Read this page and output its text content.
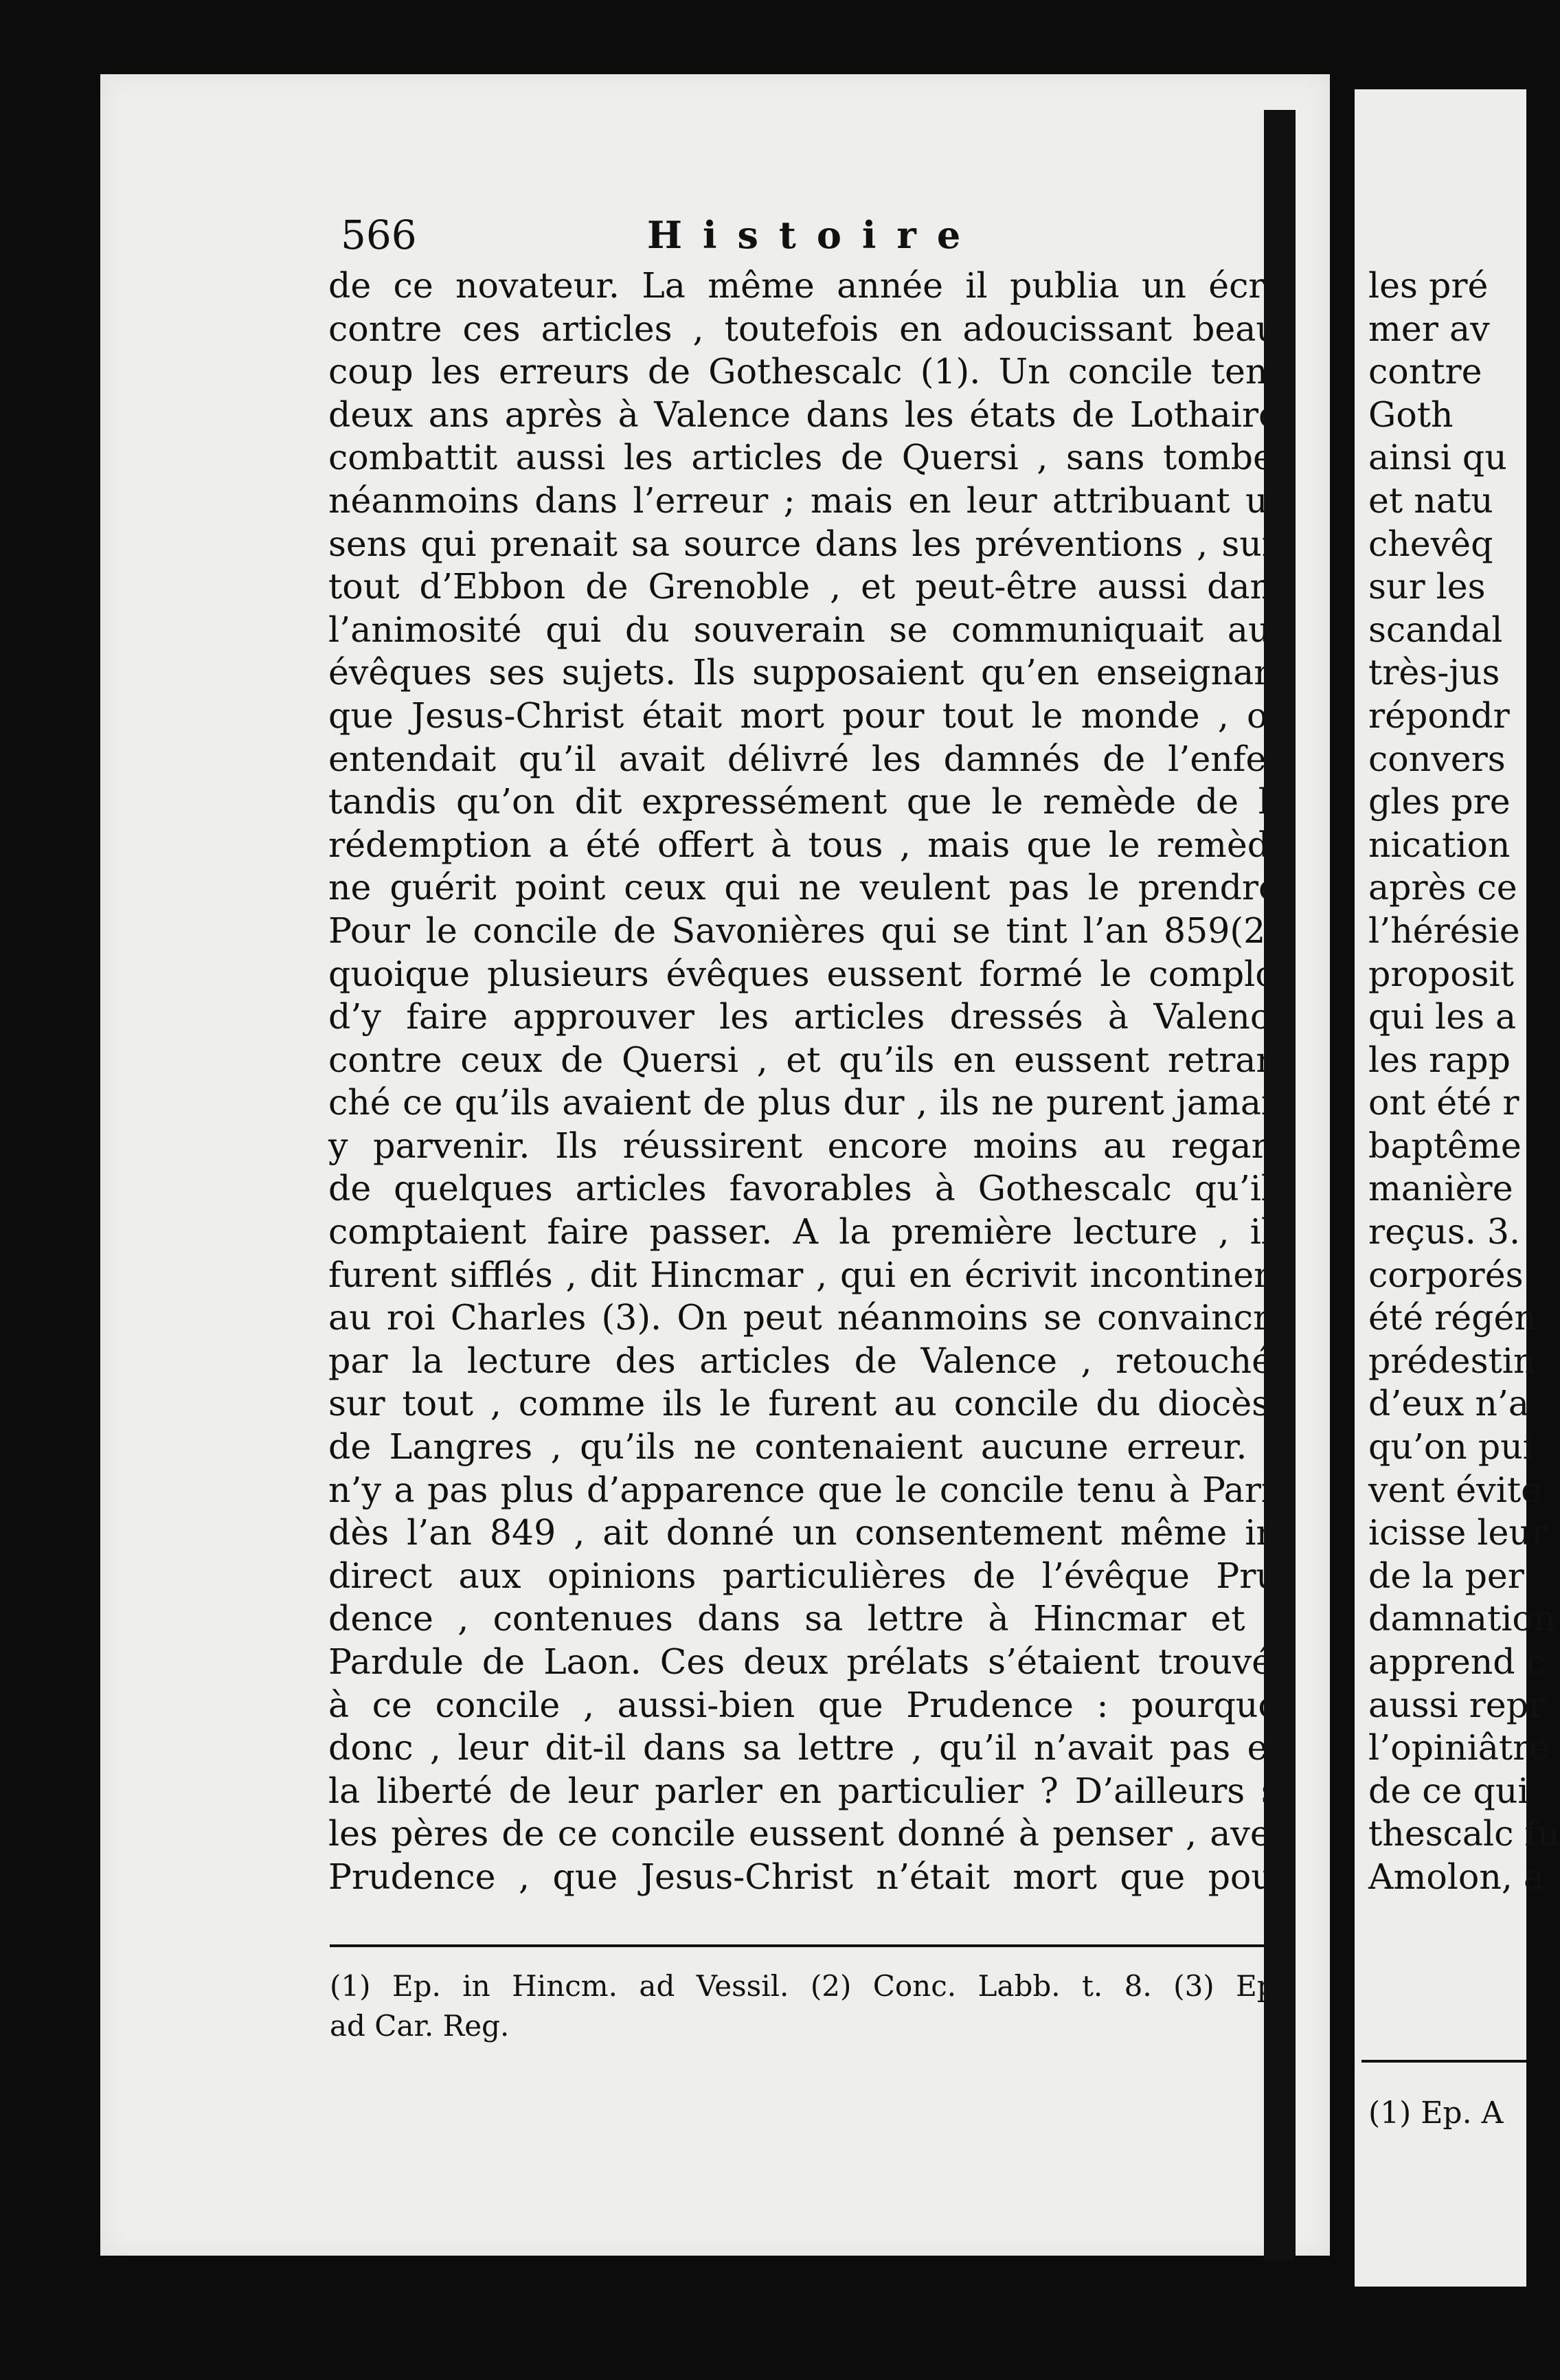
les pré
mer av
contre
Goth
ainsi qu
et natu
chevêq
sur les
scandal
très-jus
répondr
convers
gles pre
nication
après ce
l’hérésie
proposit
qui les a
les rapp
ont été r
baptême
manière
reçus. 3.
corporés
été régén
prédestin
d’eux n’a
qu’on pui
vent évite
icisse leur
de la per
damnation
apprend c
aussi repr
l’opiniâtre
de ce qui
thescalc fu
Amolon, a
(1) Ep. A
566	Histoire
de ce novateur. La même année il publia un écrit
contre ces articles , toutefois en adoucissant beau-
coup les erreurs de Gothescalc (1). Un concile tenu
deux ans après à Valence dans les états de Lothaire,
combattit aussi les articles de Quersi , sans tomber
néanmoins dans l’erreur ; mais en leur attribuant un
sens qui prenait sa source dans les préventions , sur-
tout d’Ebbon de Grenoble , et peut-être aussi dans
l’animosité qui du souverain se communiquait aux
évêques ses sujets. Ils supposaient qu’en enseignant
que Jesus-Christ était mort pour tout le monde , on
entendait qu’il avait délivré les damnés de l’enfer,
tandis qu’on dit expressément que le remède de la
rédemption a été offert à tous , mais que le remède
ne guérit point ceux qui ne veulent pas le prendre.
Pour le concile de Savonières qui se tint l’an 859(2),
quoique plusieurs évêques eussent formé le complot
d’y faire approuver les articles dressés à Valence
contre ceux de Quersi , et qu’ils en eussent retran-
ché ce qu’ils avaient de plus dur , ils ne purent jamais
y parvenir. Ils réussirent encore moins au regard
de quelques articles favorables à Gothescalc qu’ils
comptaient faire passer. A la première lecture , ils
furent sifflés , dit Hincmar , qui en écrivit incontinent
au roi Charles (3). On peut néanmoins se convaincre
par la lecture des articles de Valence , retouchés
sur tout , comme ils le furent au concile du diocèse
de Langres , qu’ils ne contenaient aucune erreur. Il
n’y a pas plus d’apparence que le concile tenu à Paris
dès l’an 849 , ait donné un consentement même in-
direct aux opinions particulières de l’évêque Pru-
dence , contenues dans sa lettre à Hincmar et à
Pardule de Laon. Ces deux prélats s’étaient trouvés
à ce concile , aussi-bien que Prudence : pourquoi
donc , leur dit-il dans sa lettre , qu’il n’avait pas eu
la liberté de leur parler en particulier ? D’ailleurs si
les pères de ce concile eussent donné à penser , avec
Prudence , que Jesus-Christ n’était mort que pour
(1) Ep. in Hincm. ad Vessil. (2) Conc. Labb. t. 8. (3) Ep.
ad Car. Reg.
